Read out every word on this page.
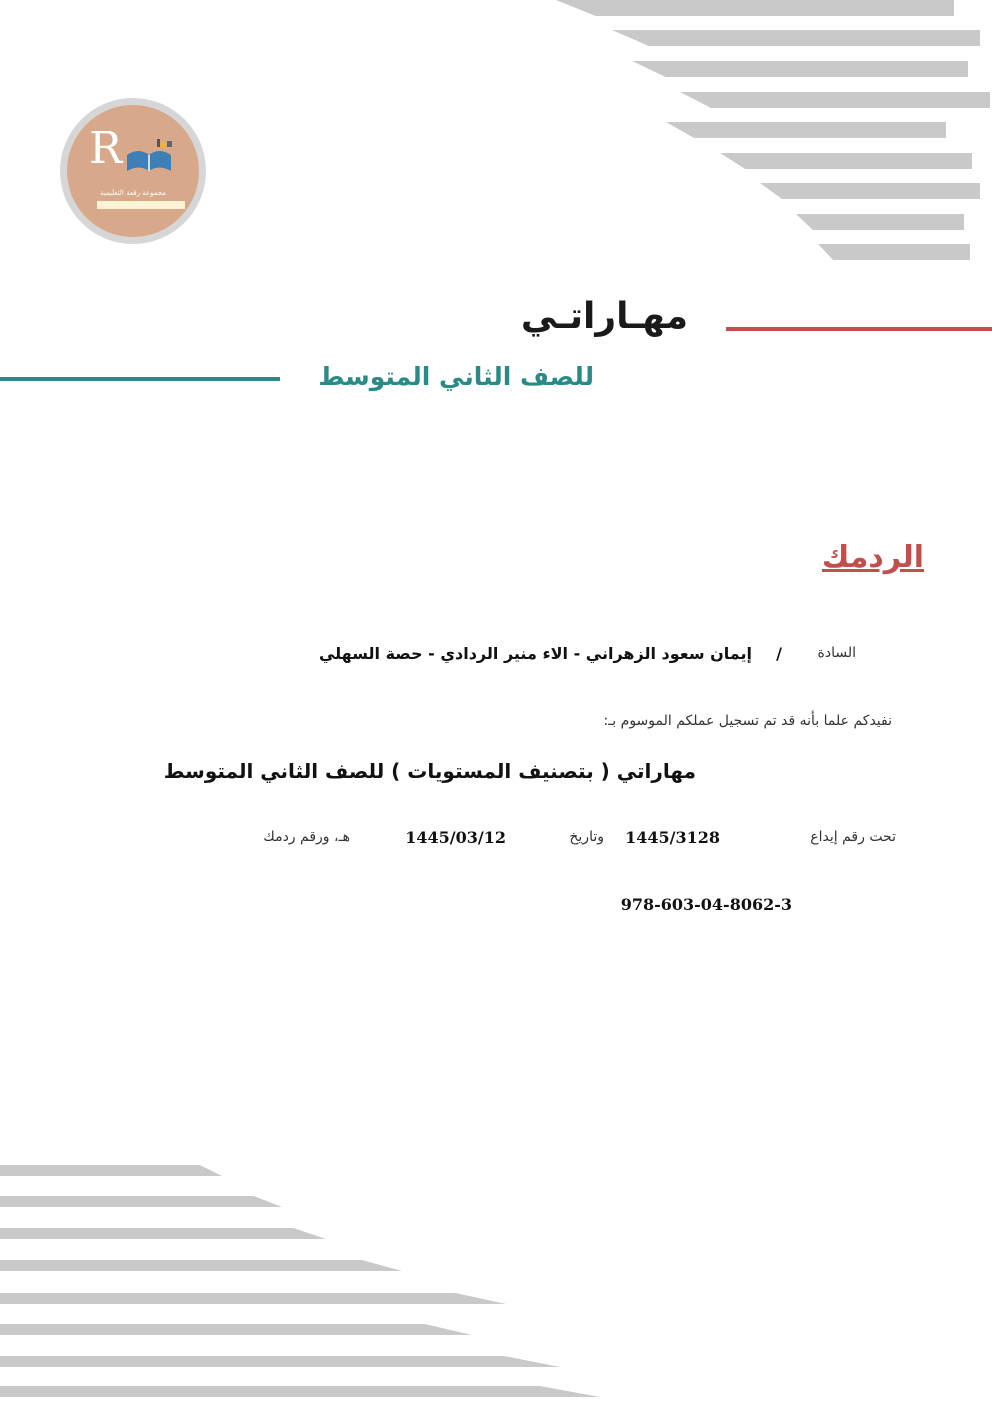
R
مجموعة رقعة التعليمية
مهـاراتـي
للصف الثاني المتوسط
الردمك
السادة
/
إيمان سعود الزهراني - الاء منير الردادي - حصة السهلي
نفيدكم علما بأنه قد تم تسجيل عملكم الموسوم بـ:
مهاراتي ( بتصنيف المستويات ) للصف الثاني المتوسط
تحت رقم إيداع
1445/3128
وتاريخ
1445/03/12
هـ، ورقم ردمك
978-603-04-8062-3
